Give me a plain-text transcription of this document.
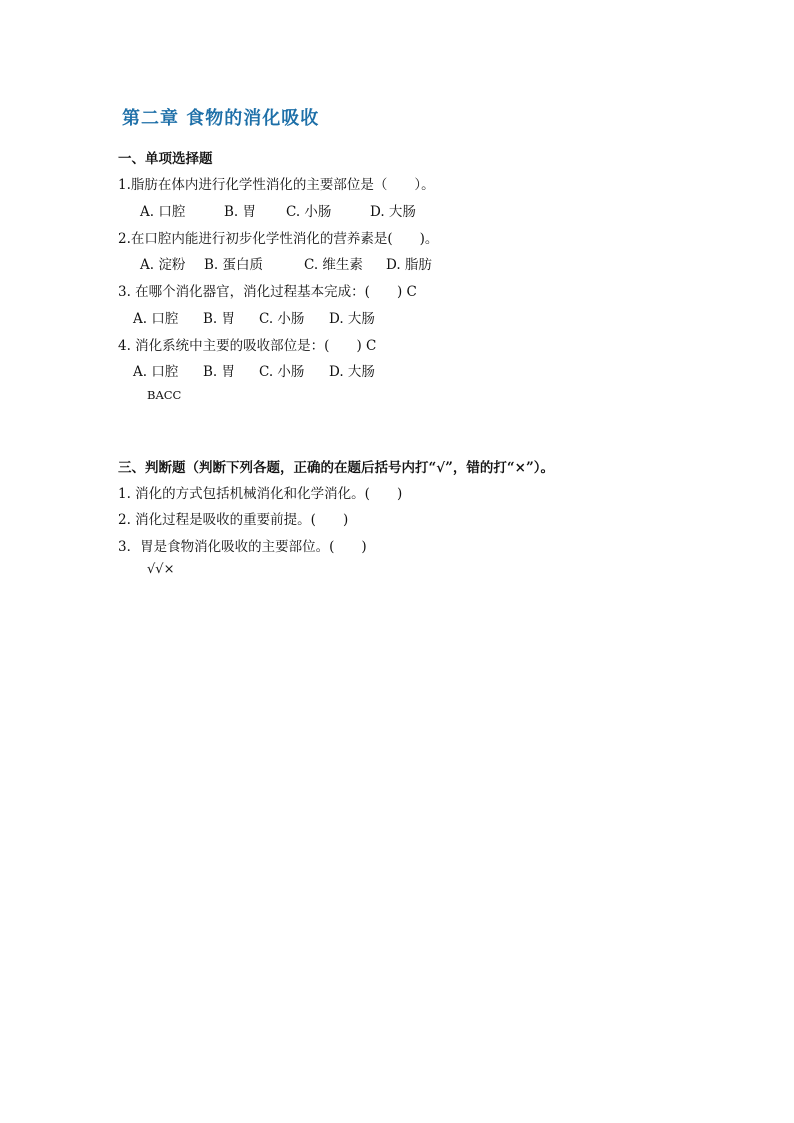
第二章 食物的消化吸收
一、单项选择题
1.脂肪在体内进行化学性消化的主要部位是（　　）。
A. 口腔	B. 胃 C. 小肠	D. 大肠
2.在口腔内能进行初步化学性消化的营养素是(　　)。
A. 淀粉 B. 蛋白质	C. 维生素 D. 脂肪
3. 在哪个消化器官，消化过程基本完成：(　　) C
A. 口腔 B. 胃 C. 小肠 D. 大肠
4. 消化系统中主要的吸收部位是：(　　) C
A. 口腔 B. 胃 C. 小肠 D. 大肠
BACC
三、判断题（判断下列各题，正确的在题后括号内打“√”，错的打“×”）。
1. 消化的方式包括机械消化和化学消化。(　　)
2. 消化过程是吸收的重要前提。(　　)
3．胃是食物消化吸收的主要部位。(　　)
√√×
